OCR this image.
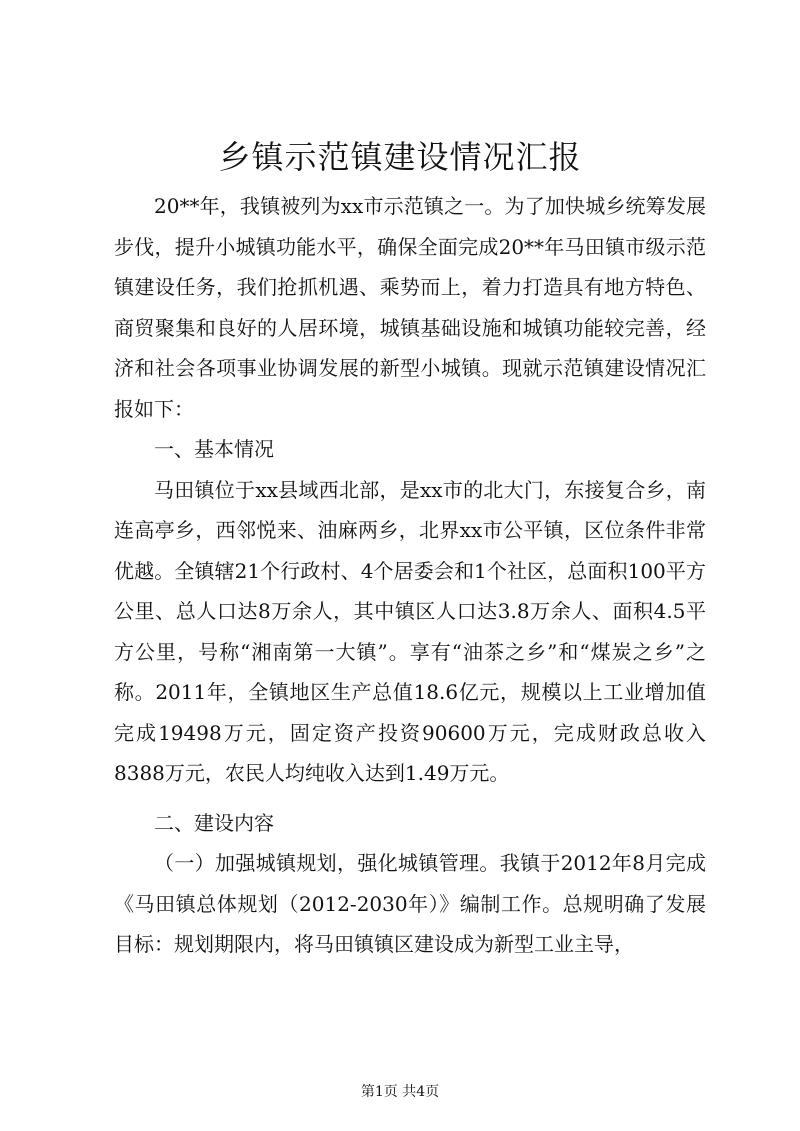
乡镇示范镇建设情况汇报

20**年，我镇被列为xx市示范镇之一。为了加快城乡统筹发展步伐，提升小城镇功能水平，确保全面完成20**年马田镇市级示范镇建设任务，我们抢抓机遇、乘势而上，着力打造具有地方特色、商贸聚集和良好的人居环境，城镇基础设施和城镇功能较完善，经济和社会各项事业协调发展的新型小城镇。现就示范镇建设情况汇报如下：

一、基本情况

马田镇位于xx县域西北部，是xx市的北大门，东接复合乡，南连高亭乡，西邻悦来、油麻两乡，北界xx市公平镇，区位条件非常优越。全镇辖21个行政村、4个居委会和1个社区，总面积100平方公里、总人口达8万余人，其中镇区人口达3.8万余人、面积4.5平方公里，号称“湘南第一大镇”。享有“油茶之乡”和“煤炭之乡”之称。2011年，全镇地区生产总值18.6亿元，规模以上工业增加值完成19498万元，固定资产投资90600万元，完成财政总收入8388万元，农民人均纯收入达到1.49万元。

二、建设内容

（一）加强城镇规划，强化城镇管理。我镇于2012年8月完成《马田镇总体规划（2012-2030年）》编制工作。总规明确了发展目标：规划期限内，将马田镇镇区建设成为新型工业主导，

第1页 共4页
